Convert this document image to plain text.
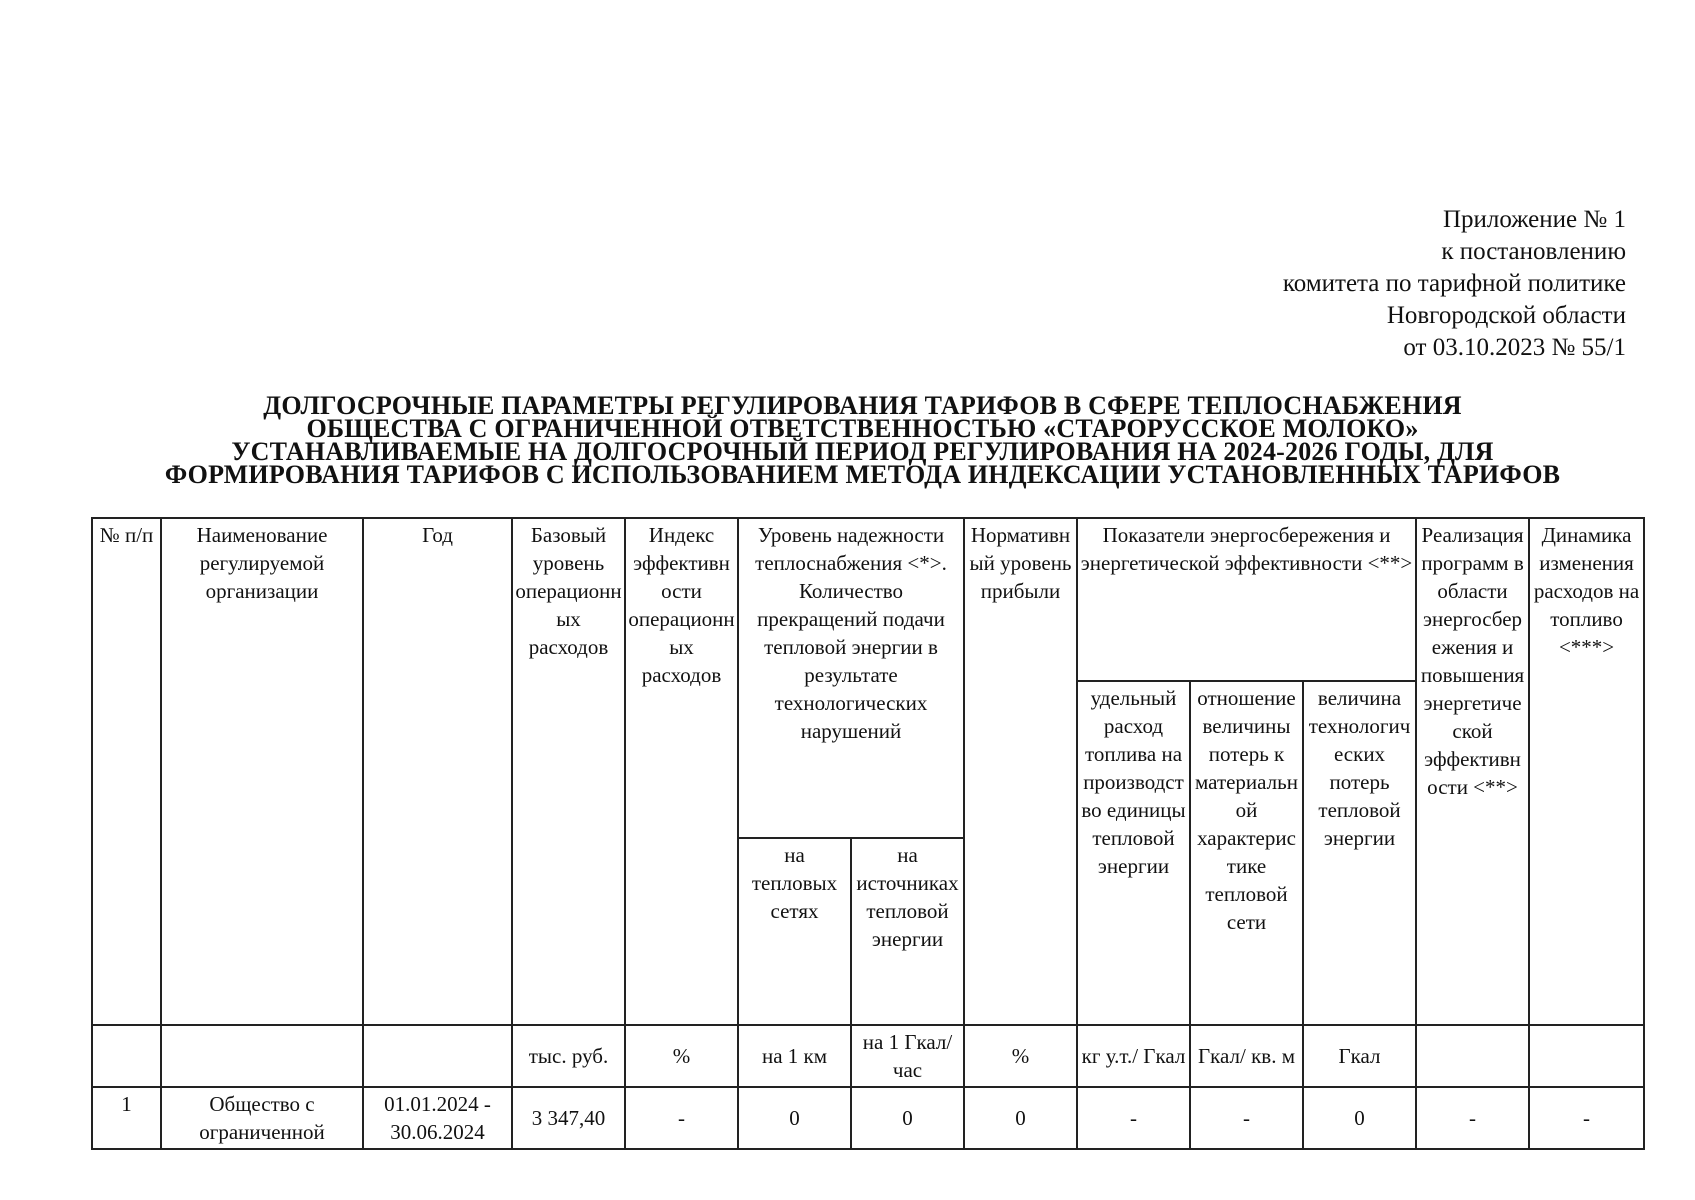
Приложение № 1
к постановлению
комитета по тарифной политике
Новгородской области
от 03.10.2023 № 55/1
ДОЛГОСРОЧНЫЕ ПАРАМЕТРЫ РЕГУЛИРОВАНИЯ ТАРИФОВ В СФЕРЕ ТЕПЛОСНАБЖЕНИЯ
ОБЩЕСТВА С ОГРАНИЧЕННОЙ ОТВЕТСТВЕННОСТЬЮ «СТАРОРУССКОЕ МОЛОКО»
УСТАНАВЛИВАЕМЫЕ НА ДОЛГОСРОЧНЫЙ ПЕРИОД РЕГУЛИРОВАНИЯ НА 2024-2026 ГОДЫ, ДЛЯ
ФОРМИРОВАНИЯ ТАРИФОВ С ИСПОЛЬЗОВАНИЕМ МЕТОДА ИНДЕКСАЦИИ УСТАНОВЛЕННЫХ ТАРИФОВ
№ п/п	Наименование регулируемой организации	Год	Базовый уровень операционных расходов	Индекс эффективности операционных расходов	Уровень надежности теплоснабжения <*>. Количество прекращений подачи тепловой энергии в результате технологических нарушений		Нормативный уровень прибыли	Показатели энергосбережения и энергетической эффективности <**>			Реализация программ в области энергосбережения и повышения энергетической эффективности <**>	Динамика изменения расходов на топливо <***>
								удельный расход топлива на производство единицы тепловой энергии	отношение величины потерь к материальной характеристике тепловой сети	величина технологических потерь тепловой энергии		
					на тепловых сетях	на источниках тепловой энергии						
			тыс. руб.	%	на 1 км	на 1 Гкал/час	%	кг у.т./ Гкал	Гкал/ кв. м	Гкал		
1	Общество с ограниченной	01.01.2024 - 30.06.2024	3 347,40	-	0	0	0	-	-	0	-	-
